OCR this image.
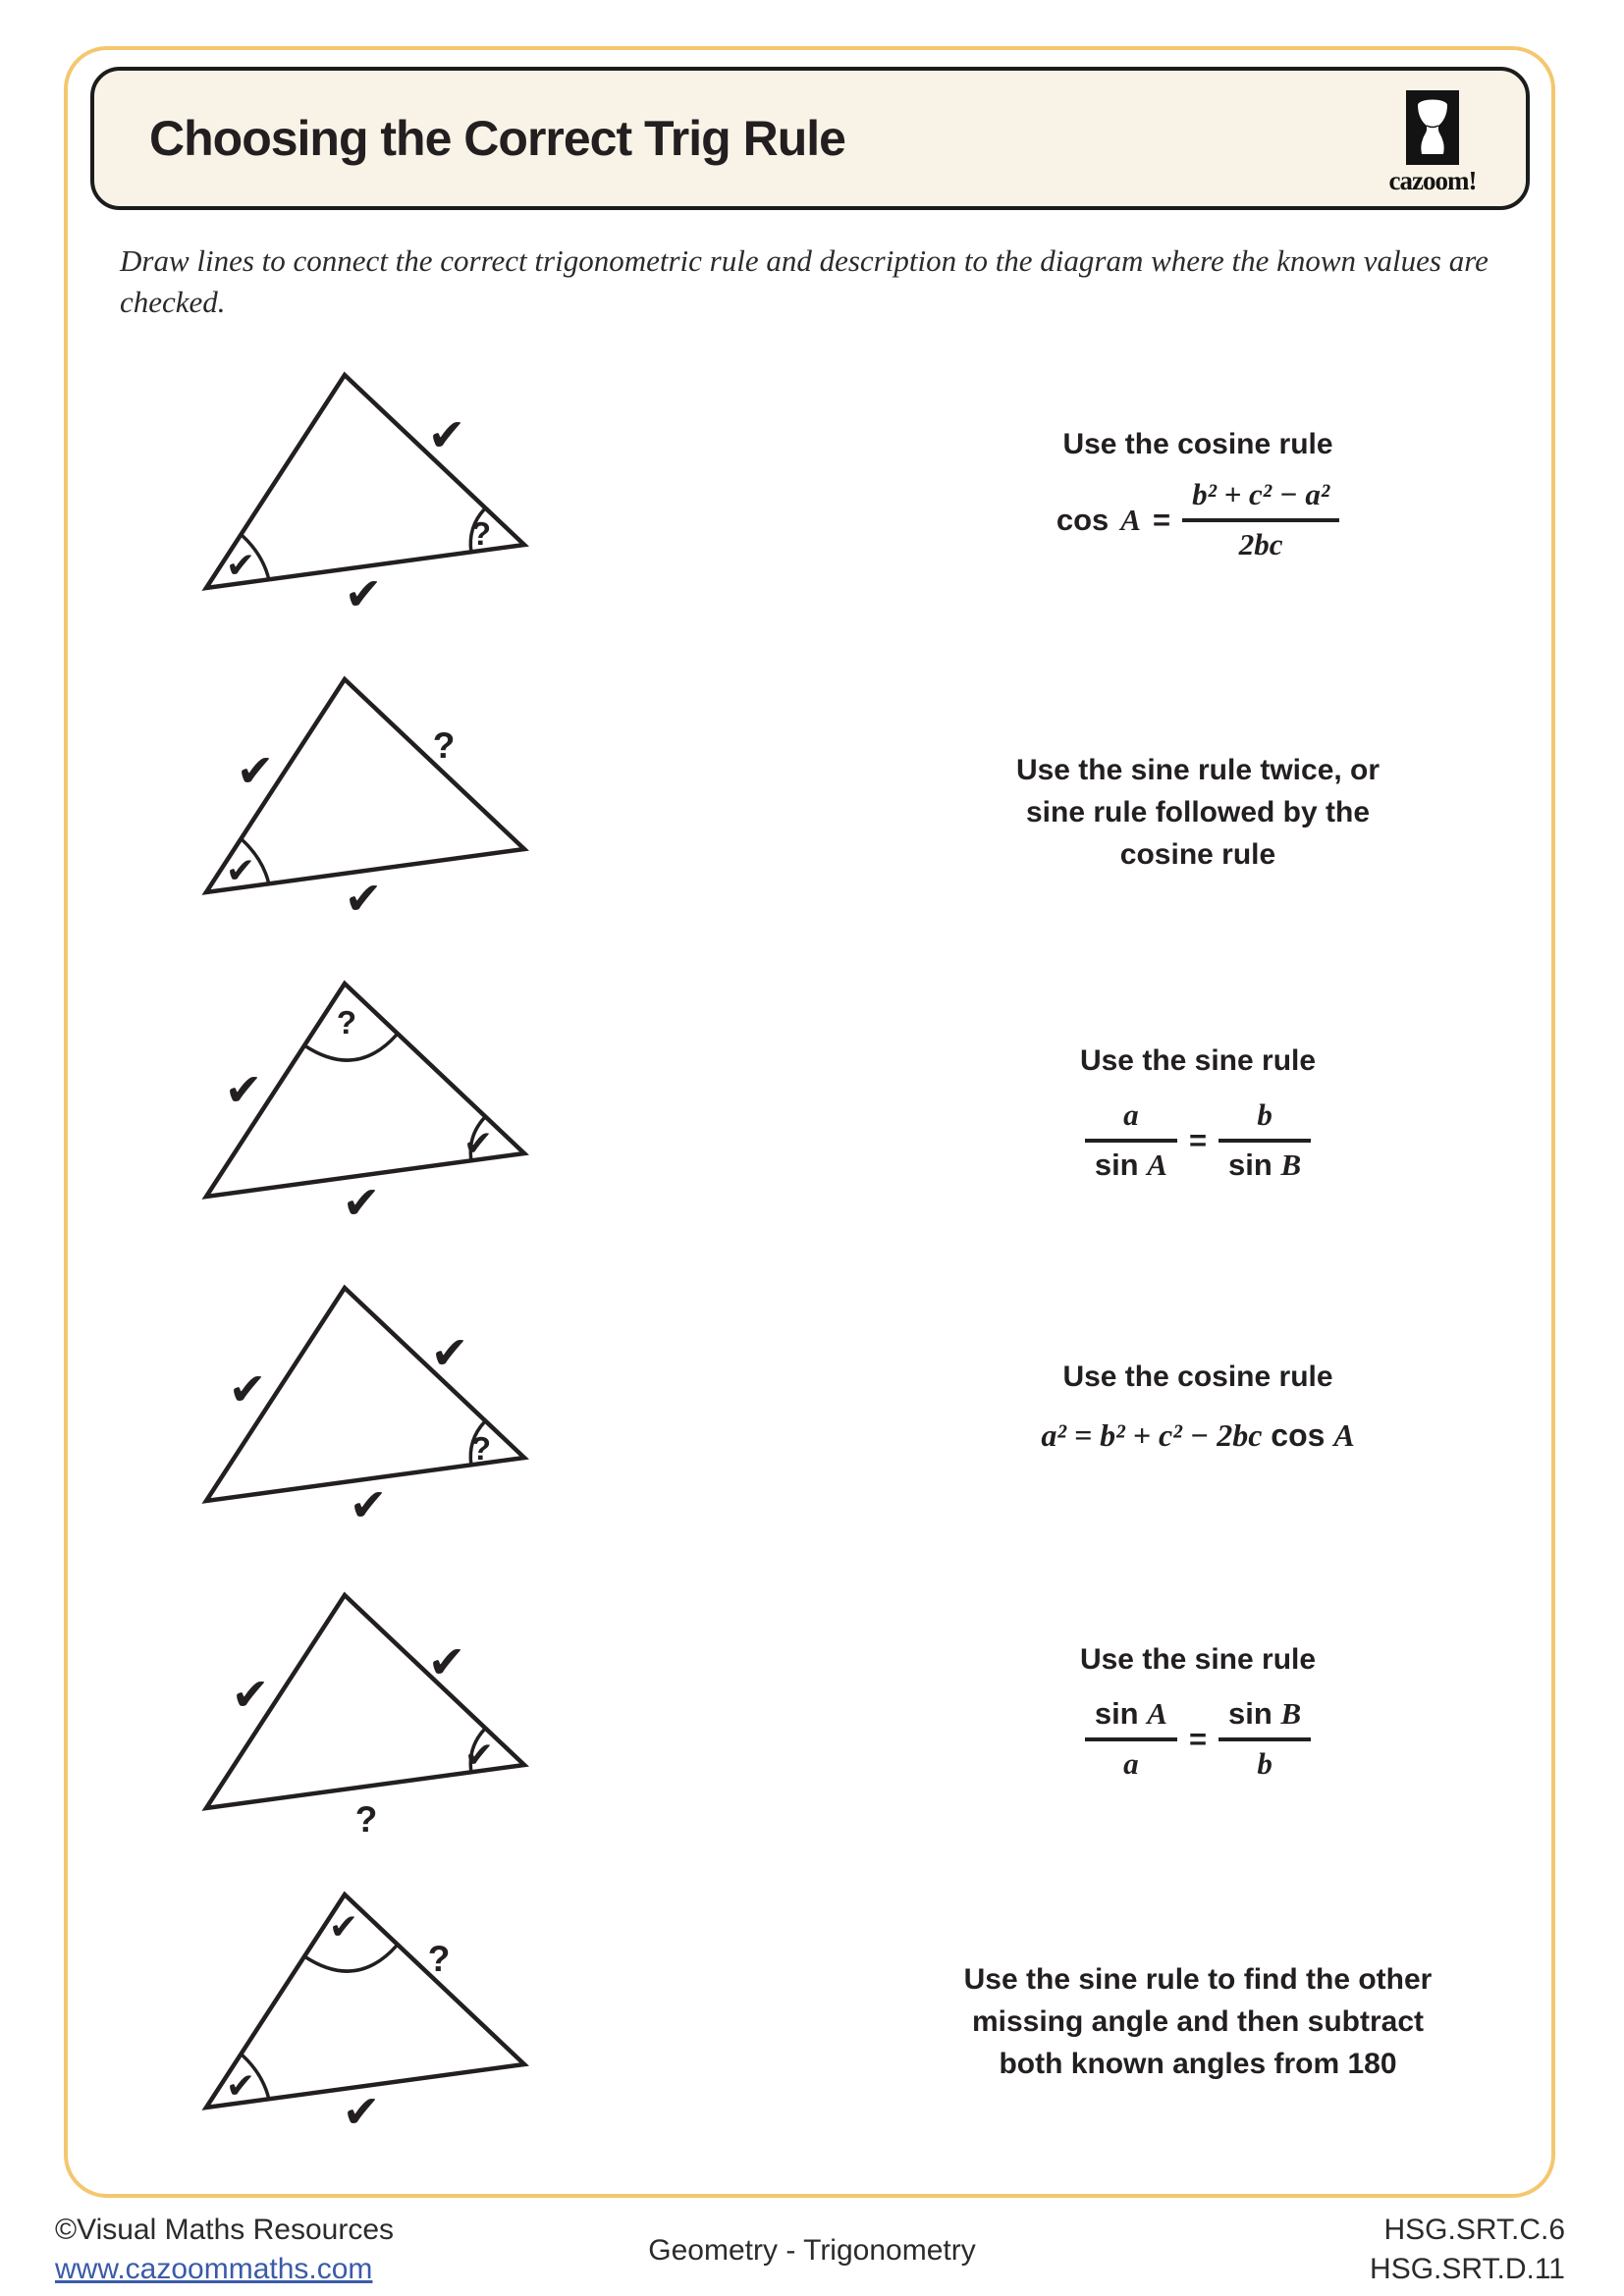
Choosing the Correct Trig Rule
cazoom!
Draw lines to connect the correct trigonometric rule and description to the diagram where the known values are checked.
✔
✔
✔
?
✔	?
✔
✔
?
✔
✔
✔
✔
✔
?
✔
✔
✔
✔
?
✔
?
✔ ✔
Use the cosine rule
$\cos A = \frac{\text{b² + c² − a²}}{2bc}$
Use the sine rule twice, or
sine rule followed by the
cosine rule
Use the sine rule
$\frac{a}{\text{sin A}} = \frac{b}{\text{sin B}}$
Use the cosine rule
a² = b² + c² − 2bc cos A
Use the sine rule
$\frac{\text{sin A}}{a} = \frac{\text{sin B}}{b}$
Use the sine rule to find the other
missing angle and then subtract
both known angles from 180
©Visual Maths Resources
www.cazoommaths.com
Geometry - Trigonometry
HSG.SRT.C.6
HSG.SRT.D.11
